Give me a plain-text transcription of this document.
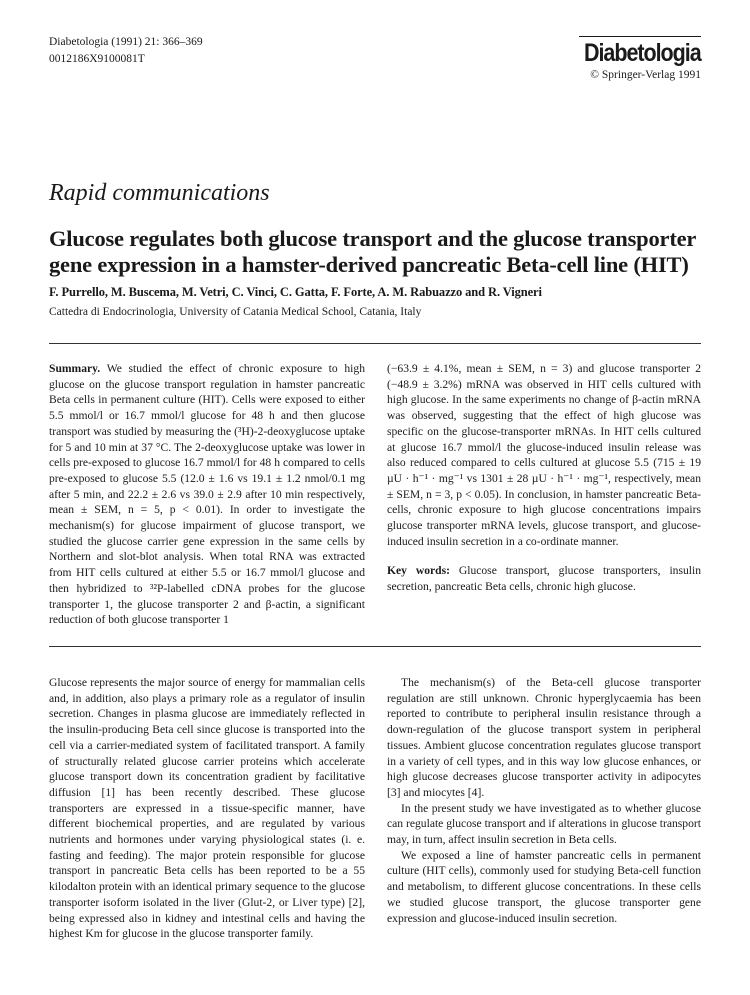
Diabetologia (1991) 21: 366–369
0012186X9100081T	Diabetologia
© Springer-Verlag 1991
Rapid communications
Glucose regulates both glucose transport and the glucose transporter gene expression in a hamster-derived pancreatic Beta-cell line (HIT)
F. Purrello, M. Buscema, M. Vetri, C. Vinci, C. Gatta, F. Forte, A. M. Rabuazzo and R. Vigneri
Cattedra di Endocrinologia, University of Catania Medical School, Catania, Italy

Summary. We studied the effect of chronic exposure to high glucose on the glucose transport regulation in hamster pancreatic Beta cells in permanent culture (HIT). Cells were exposed to either 5.5 mmol/l or 16.7 mmol/l glucose for 48 h and then glucose transport was studied by measuring the (³H)-2-deoxyglucose uptake for 5 and 10 min at 37 °C. The 2-deoxyglucose uptake was lower in cells pre-exposed to glucose 16.7 mmol/l for 48 h compared to cells pre-exposed to glucose 5.5 (12.0 ± 1.6 vs 19.1 ± 1.2 nmol/0.1 mg after 5 min, and 22.2 ± 2.6 vs 39.0 ± 2.9 after 10 min respectively, mean ± SEM, n = 5, p < 0.01). In order to investigate the mechanism(s) for glucose impairment of glucose transport, we studied the glucose carrier gene expression in the same cells by Northern and slot-blot analysis. When total RNA was extracted from HIT cells cultured at either 5.5 or 16.7 mmol/l glucose and then hybridized to ³²P-labelled cDNA probes for the glucose transporter 1, the glucose transporter 2 and β-actin, a significant reduction of both glucose transporter 1

(−63.9 ± 4.1%, mean ± SEM, n = 3) and glucose transporter 2 (−48.9 ± 3.2%) mRNA was observed in HIT cells cultured with high glucose. In the same experiments no change of β-actin mRNA was observed, suggesting that the effect of high glucose was specific on the glucose-transporter mRNAs. In HIT cells cultured at glucose 16.7 mmol/l the glucose-induced insulin release was also reduced compared to cells cultured at glucose 5.5 (715 ± 19 µU · h⁻¹ · mg⁻¹ vs 1301 ± 28 µU · h⁻¹ · mg⁻¹, respectively, mean ± SEM, n = 3, p < 0.05). In conclusion, in hamster pancreatic Beta-cells, chronic exposure to high glucose concentrations impairs glucose transporter mRNA levels, glucose transport, and glucose-induced insulin secretion in a co-ordinate manner.

Key words: Glucose transport, glucose transporters, insulin secretion, pancreatic Beta cells, chronic high glucose.

Glucose represents the major source of energy for mammalian cells and, in addition, also plays a primary role as a regulator of insulin secretion. Changes in plasma glucose are immediately reflected in the insulin-producing Beta cell since glucose is transported into the cell via a carrier-mediated system of facilitated transport. A family of structurally related glucose carrier proteins which accelerate glucose transport down its concentration gradient by facilitative diffusion [1] has been recently described. These glucose transporters are expressed in a tissue-specific manner, have different biochemical properties, and are regulated by various nutrients and hormones under varying physiological states (i. e. fasting and feeding). The major protein responsible for glucose transport in pancreatic Beta cells has been reported to be a 55 kilodalton protein with an identical primary sequence to the glucose transporter isoform isolated in the liver (Glut-2, or Liver type) [2], being expressed also in kidney and intestinal cells and having the highest Km for glucose in the glucose transporter family.

The mechanism(s) of the Beta-cell glucose transporter regulation are still unknown. Chronic hyperglycaemia has been reported to contribute to peripheral insulin resistance through a down-regulation of the glucose transport system in peripheral tissues. Ambient glucose concentration regulates glucose transport in a variety of cell types, and in this way low glucose enhances, or high glucose decreases glucose transporter activity in adipocytes [3] and miocytes [4].

In the present study we have investigated as to whether glucose can regulate glucose transport and if alterations in glucose transport may, in turn, affect insulin secretion in Beta cells.

We exposed a line of hamster pancreatic cells in permanent culture (HIT cells), commonly used for studying Beta-cell function and metabolism, to different glucose concentrations. In these cells we studied glucose transport, the glucose transporter gene expression and glucose-induced insulin secretion.
